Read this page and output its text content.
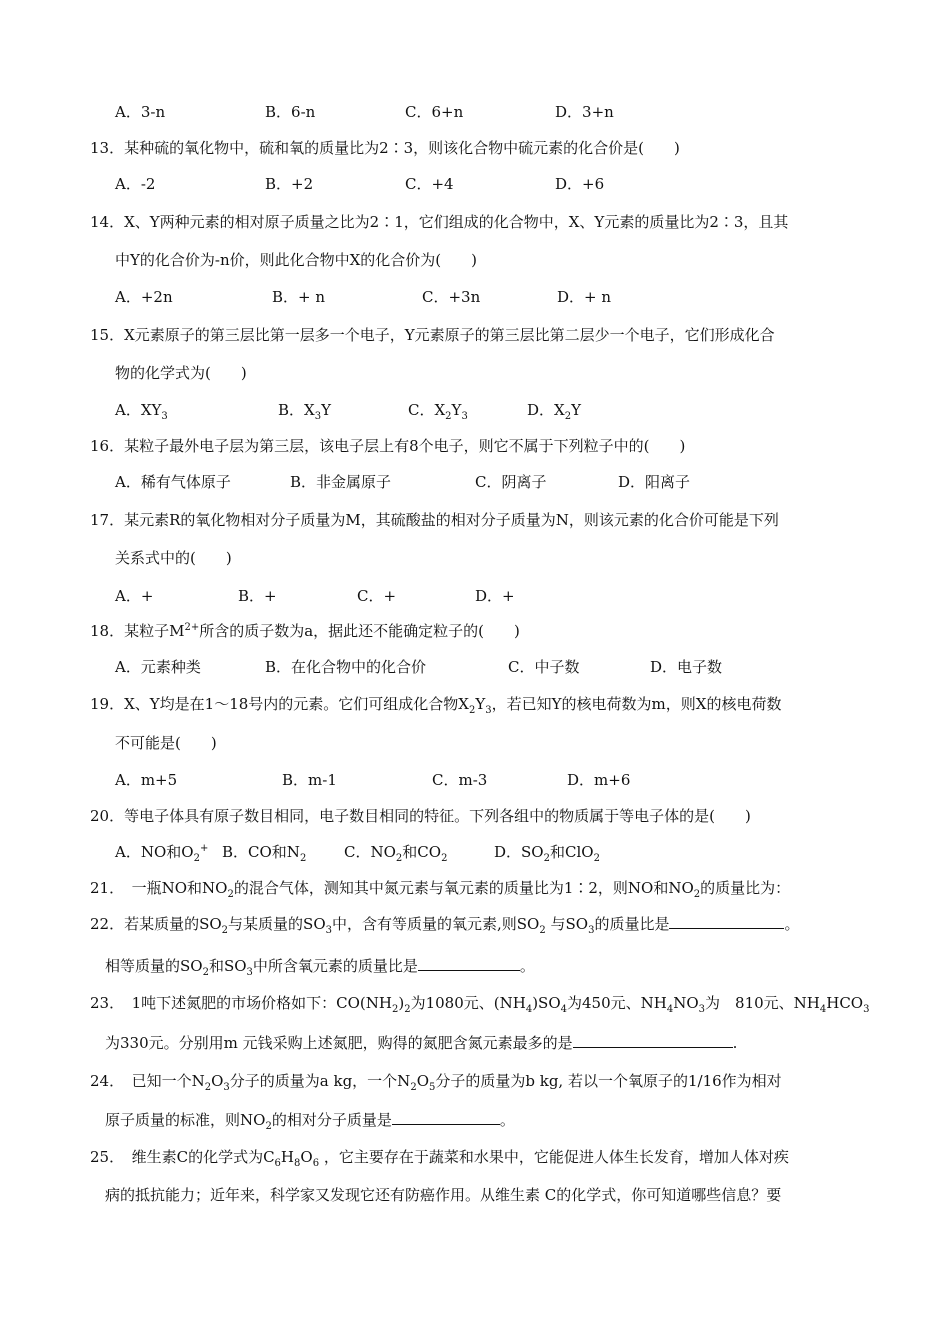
A．3-n	B．6-n	C．6+n	D．3+n
13．某种硫的氧化物中，硫和氧的质量比为2∶3，则该化合物中硫元素的化合价是(　　)
A．-2	B．+2	C．+4	D．+6
14．X、Y两种元素的相对原子质量之比为2∶1，它们组成的化合物中，X、Y元素的质量比为2∶3，且其
中Y的化合价为-n价，则此化合物中X的化合价为(　　)
A．+2n	B．+ n	C．+3n	D．+ n
15．X元素原子的第三层比第一层多一个电子，Y元素原子的第三层比第二层少一个电子，它们形成化合
物的化学式为(　　)
A．$XY_3$	B．$X_3Y$	C．$X_2Y_3$	D．$X_2Y$
16．某粒子最外电子层为第三层，该电子层上有8个电子，则它不属于下列粒子中的(　　)
A．稀有气体原子	B．非金属原子	C．阴离子	D．阳离子
17．某元素R的氧化物相对分子质量为M，其硫酸盐的相对分子质量为N，则该元素的化合价可能是下列
关系式中的(　　)
A．+	B．+	C．+	D．+
18．某粒子$M^{2+}$所含的质子数为a，据此还不能确定粒子的(　　)
A．元素种类	B．在化合物中的化合价	C．中子数	D．电子数
19．X、Y均是在1～18号内的元素。它们可组成化合物$X_2Y_3$，若已知Y的核电荷数为m，则X的核电荷数
不可能是(　　)
A．m+5	B．m-1	C．m-3	D．m+6
20．等电子体具有原子数目相同，电子数目相同的特征。下列各组中的物质属于等电子体的是(　　)
A．NO和$O_2^+$ B．CO和$N_2$	C．$NO_2$和$CO_2$	D．$SO_2$和ClO$_2$
21．　一瓶NO和$NO_2$的混合气体，测知其中氮元素与氧元素的质量比为1∶2，则NO和$NO_2$的质量比为：
22．若某质量的$SO_2$与某质量的$SO_3$中，含有等质量的氧元素,则$SO_2$ 与$SO_3$的质量比是	。
相等质量的$SO_2$和$SO_3$中所含氧元素的质量比是	。
23．　1吨下述氮肥的市场价格如下：$CO(NH_2)_2$为1080元、$(NH_4)SO_4$为450元、$NH_4NO_3$为　810元、$NH_4HCO_3$
为330元。分别用m 元钱采购上述氮肥，购得的氮肥含氮元素最多的是	.
24．　已知一个$N_2O_3$分子的质量为a kg，一个$N_2O_5$分子的质量为b kg, 若以一个氧原子的1/16作为相对
原子质量的标准，则$NO_2$的相对分子质量是	。
25．　维生素C的化学式为$C_6H_8O_6$ ，它主要存在于蔬菜和水果中，它能促进人体生长发育，增加人体对疾
病的抵抗能力；近年来，科学家又发现它还有防癌作用。从维生素 C的化学式，你可知道哪些信息？要
